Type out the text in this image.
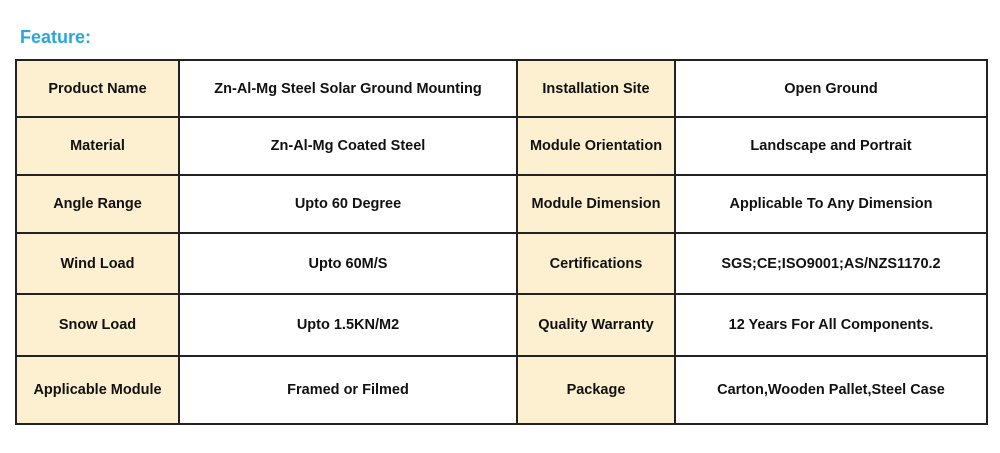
Feature:
Product Name	Zn-Al-Mg Steel Solar Ground Mounting	Installation Site	Open Ground
Material	Zn-Al-Mg Coated Steel	Module Orientation	Landscape and Portrait
Angle Range	Upto 60 Degree	Module Dimension	Applicable To Any Dimension
Wind Load	Upto 60M/S	Certifications	SGS;CE;ISO9001;AS/NZS1170.2
Snow Load	Upto 1.5KN/M2	Quality Warranty	12 Years For All Components.
Applicable Module	Framed or Filmed	Package	Carton,Wooden Pallet,Steel Case
